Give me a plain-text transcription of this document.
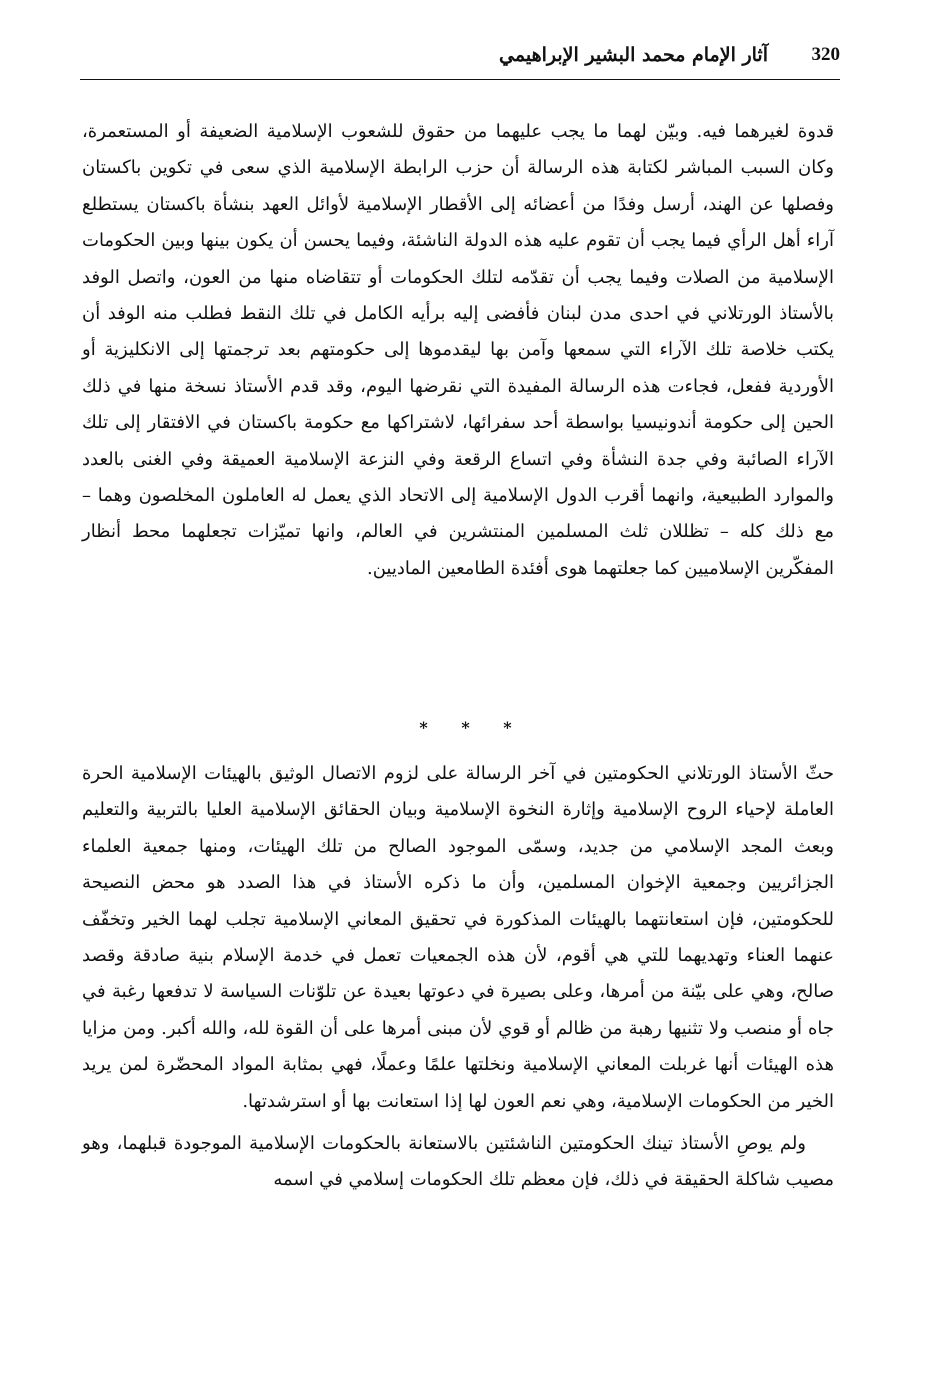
320
آثار الإمام محمد البشير الإبراهيمي

قدوة لغيرهما فيه. وبيّن لهما ما يجب عليهما من حقوق للشعوب الإسلامية الضعيفة أو المستعمرة، وكان السبب المباشر لكتابة هذه الرسالة أن حزب الرابطة الإسلامية الذي سعى في تكوين باكستان وفصلها عن الهند، أرسل وفدًا من أعضائه إلى الأقطار الإسلامية لأوائل العهد بنشأة باكستان يستطلع آراء أهل الرأي فيما يجب أن تقوم عليه هذه الدولة الناشئة، وفيما يحسن أن يكون بينها وبين الحكومات الإسلامية من الصلات وفيما يجب أن تقدّمه لتلك الحكومات أو تتقاضاه منها من العون، واتصل الوفد بالأستاذ الورتلاني في احدى مدن لبنان فأفضى إليه برأيه الكامل في تلك النقط فطلب منه الوفد أن يكتب خلاصة تلك الآراء التي سمعها وآمن بها ليقدموها إلى حكومتهم بعد ترجمتها إلى الانكليزية أو الأوردية ففعل، فجاءت هذه الرسالة المفيدة التي نقرضها اليوم، وقد قدم الأستاذ نسخة منها في ذلك الحين إلى حكومة أندونيسيا بواسطة أحد سفرائها، لاشتراكها مع حكومة باكستان في الافتقار إلى تلك الآراء الصائبة وفي جدة النشأة وفي اتساع الرقعة وفي النزعة الإسلامية العميقة وفي الغنى بالعدد والموارد الطبيعية، وانهما أقرب الدول الإسلامية إلى الاتحاد الذي يعمل له العاملون المخلصون وهما – مع ذلك كله – تظللان ثلث المسلمين المنتشرين في العالم، وانها تميّزات تجعلهما محط أنظار المفكّرين الإسلاميين كما جعلتهما هوى أفئدة الطامعين الماديين.

* * *

حثّ الأستاذ الورتلاني الحكومتين في آخر الرسالة على لزوم الاتصال الوثيق بالهيئات الإسلامية الحرة العاملة لإحياء الروح الإسلامية وإثارة النخوة الإسلامية وبيان الحقائق الإسلامية العليا بالتربية والتعليم وبعث المجد الإسلامي من جديد، وسمّى الموجود الصالح من تلك الهيئات، ومنها جمعية العلماء الجزائريين وجمعية الإخوان المسلمين، وأن ما ذكره الأستاذ في هذا الصدد هو محض النصيحة للحكومتين، فإن استعانتهما بالهيئات المذكورة في تحقيق المعاني الإسلامية تجلب لهما الخير وتخفّف عنهما العناء وتهديهما للتي هي أقوم، لأن هذه الجمعيات تعمل في خدمة الإسلام بنية صادقة وقصد صالح، وهي على بيّنة من أمرها، وعلى بصيرة في دعوتها بعيدة عن تلوّنات السياسة لا تدفعها رغبة في جاه أو منصب ولا تثنيها رهبة من ظالم أو قوي لأن مبنى أمرها على أن القوة لله، والله أكبر. ومن مزايا هذه الهيئات أنها غربلت المعاني الإسلامية ونخلتها علمًا وعملًا، فهي بمثابة المواد المحضّرة لمن يريد الخير من الحكومات الإسلامية، وهي نعم العون لها إذا استعانت بها أو استرشدتها.

ولم يوصِ الأستاذ تينك الحكومتين الناشئتين بالاستعانة بالحكومات الإسلامية الموجودة قبلهما، وهو مصيب شاكلة الحقيقة في ذلك، فإن معظم تلك الحكومات إسلامي في اسمه
